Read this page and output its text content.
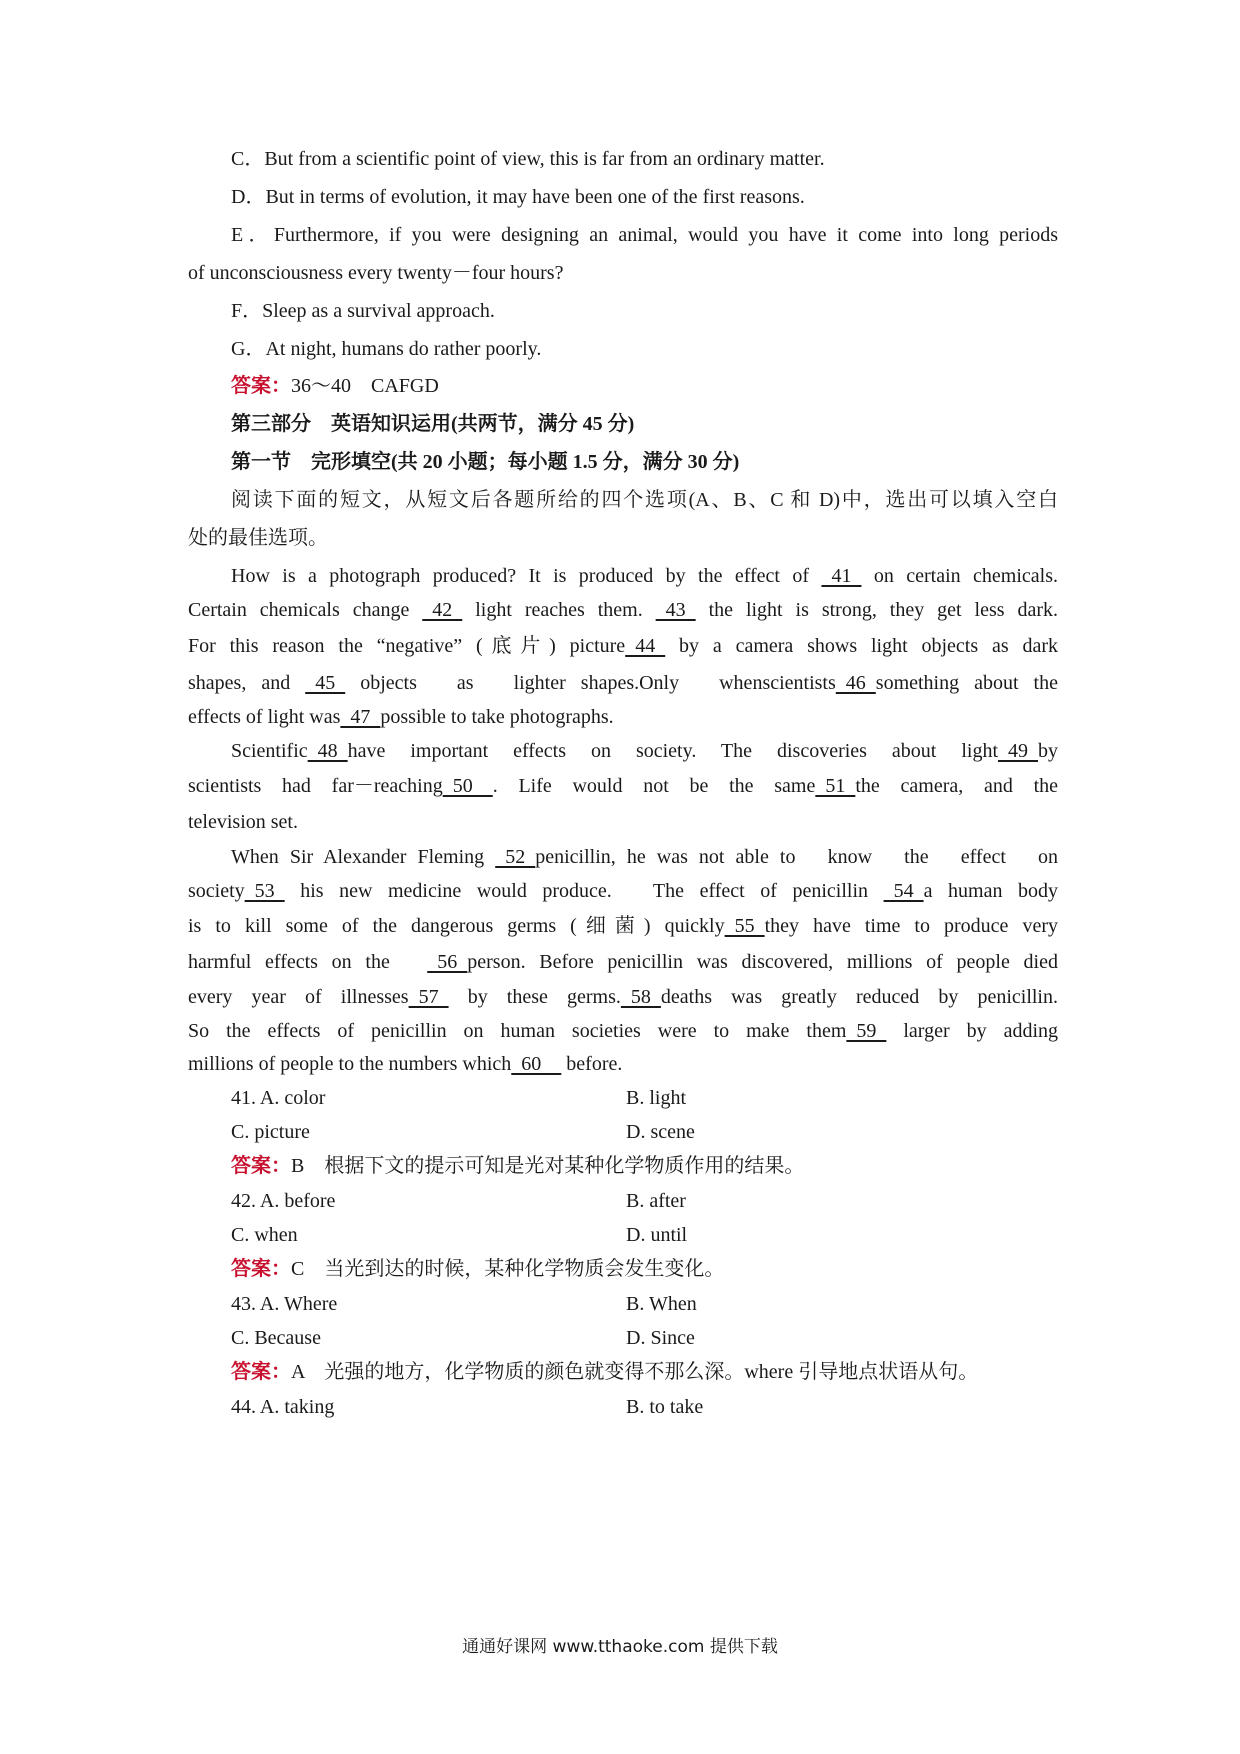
C．But from a scientific point of view, this is far from an ordinary matter.
D．But in terms of evolution, it may have been one of the first reasons.
E．Furthermore, if you were designing an animal, would you have it come into long periods
of unconsciousness every twenty－four hours?
F．Sleep as a survival approach.
G．At night, humans do rather poorly.
答案：36～40　CAFGD
第三部分　英语知识运用(共两节，满分 45 分)
第一节　完形填空(共 20 小题；每小题 1.5 分，满分 30 分)
阅读下面的短文，从短文后各题所给的四个选项(A、B、C 和 D)中，选出可以填入空白
处的最佳选项。
How is a photograph produced? It is produced by the effect of   41   on certain chemicals.
Certain chemicals change   42   light reaches them.   43   the light is strong, they get less dark.
For this reason the “negative” (底片) picture  44   by a camera shows light objects as dark
shapes, and   45   objects　as　lighter shapes.Only　whenscientists  46  something about the
effects of light was  47  possible to take photographs.
Scientific  48  have important effects on society. The discoveries about light  49  by
scientists had far－reaching  50    . Life would not be the same  51  the camera, and the
television set.
When Sir Alexander Fleming   52  penicillin, he was not able to　know　the　effect　on
society  53   his new medicine would produce.　The effect of penicillin   54  a human body
is to kill some of the dangerous germs (细菌) quickly  55  they have time to produce very
harmful effects on the　  56  person. Before penicillin was discovered, millions of people died
every year of illnesses  57   by these germs.  58  deaths was greatly reduced by penicillin.
So the effects of penicillin on human societies were to make them  59   larger by adding
millions of people to the numbers which  60     before.
41. A. color	B. light
C. picture	D. scene
答案：B　根据下文的提示可知是光对某种化学物质作用的结果。
42. A. before	B. after
C. when	D. until
答案：C　当光到达的时候，某种化学物质会发生变化。
43. A. Where	B. When
C. Because	D. Since
答案：A　光强的地方，化学物质的颜色就变得不那么深。where 引导地点状语从句。
44. A. taking	B. to take
通通好课网 www.tthaoke.com 提供下载
